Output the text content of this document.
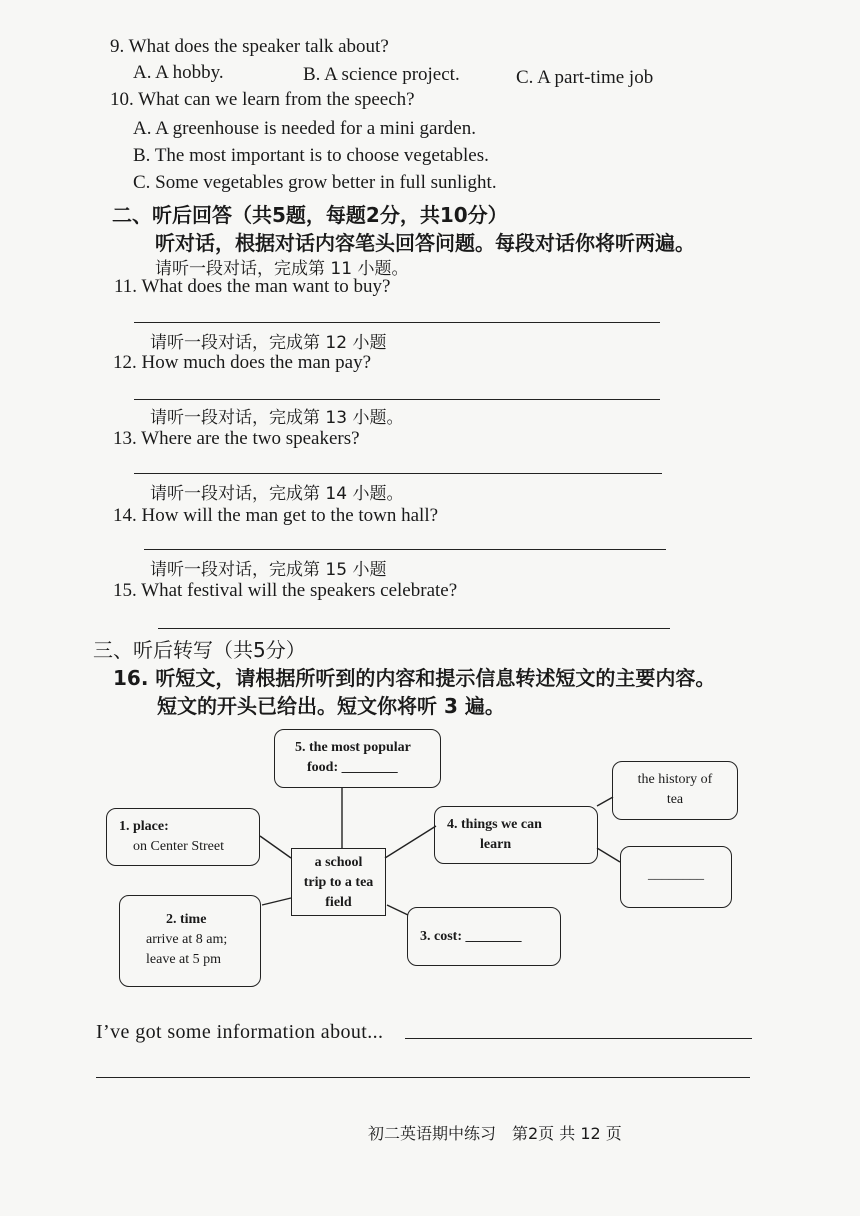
9. What does the speaker talk about?
A. A hobby.	B. A science project.	C. A part-time job
10. What can we learn from the speech?
A. A greenhouse is needed for a mini garden.
B. The most important is to choose vegetables.
C. Some vegetables grow better in full sunlight.
二、听后回答（共5题，每题2分，共10分）
听对话，根据对话内容笔头回答问题。每段对话你将听两遍。
请听一段对话，完成第 11 小题。
11. What does the man want to buy?
请听一段对话，完成第 12 小题
12. How much does the man pay?
请听一段对话，完成第 13 小题。
13. Where are the two speakers?
请听一段对话，完成第 14 小题。
14. How will the man get to the town hall?
请听一段对话，完成第 15 小题
15. What festival will the speakers celebrate?
三、听后转写（共5分）
16. 听短文，请根据所听到的内容和提示信息转述短文的主要内容。
短文的开头已给出。短文你将听 3 遍。
a school
trip to a tea
field
5. the most popular
food: ________
1. place:
on Center Street
4. things we can
learn
the history of
tea
________
2. time
arrive at 8 am;
leave at 5 pm
3. cost: ________
I’ve got some information about...
初二英语期中练习　第2页 共 12 页
